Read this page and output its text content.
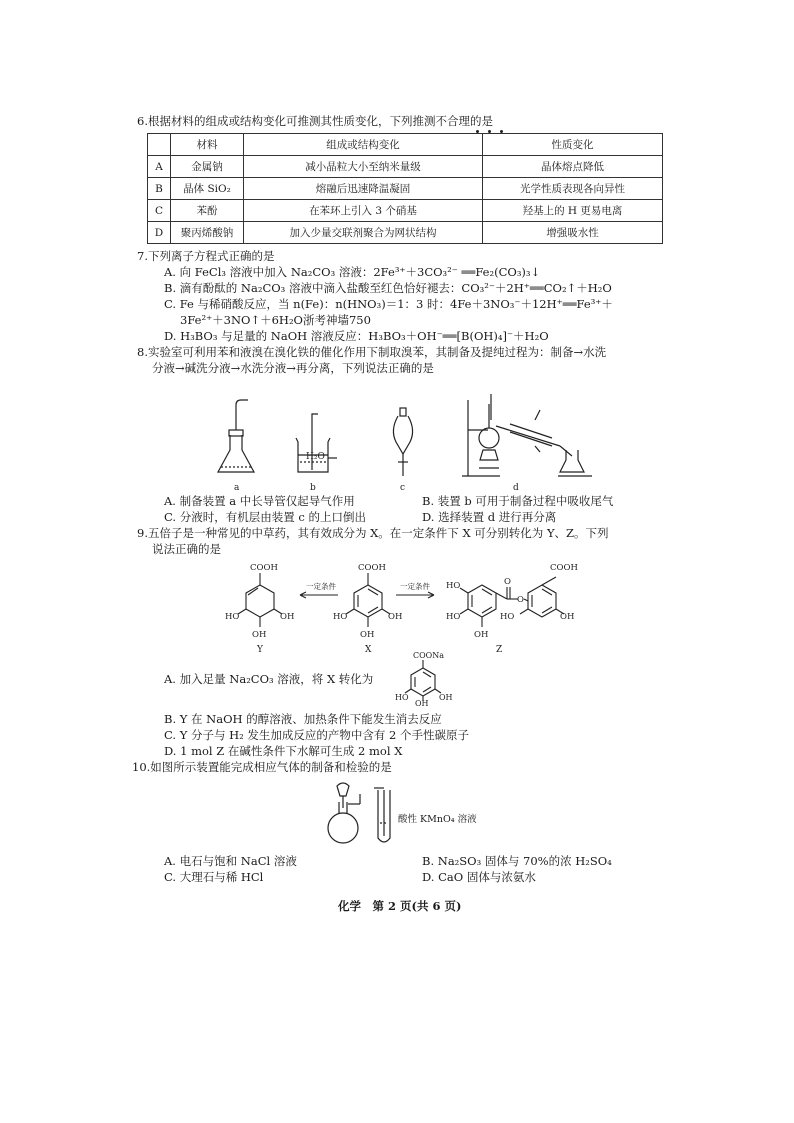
6.根据材料的组成或结构变化可推测其性质变化，下列推测不合理的是
	材料	组成或结构变化	性质变化
A	金属钠	减小晶粒大小至纳米量级	晶体熔点降低
B	晶体 SiO₂	熔融后迅速降温凝固	光学性质表现各向异性
C	苯酚	在苯环上引入 3 个硝基	羟基上的 H 更易电离
D	聚丙烯酸钠	加入少量交联剂聚合为网状结构	增强吸水性
7.下列离子方程式正确的是
A. 向 FeCl₃ 溶液中加入 Na₂CO₃ 溶液：2Fe³⁺＋3CO₃²⁻ ══Fe₂(CO₃)₃↓
B. 滴有酚酞的 Na₂CO₃ 溶液中滴入盐酸至红色恰好褪去：CO₃²⁻＋2H⁺══CO₂↑＋H₂O
C. Fe 与稀硝酸反应，当 n(Fe)：n(HNO₃)＝1：3 时：4Fe＋3NO₃⁻＋12H⁺══Fe³⁺＋
3Fe²⁺＋3NO↑＋6H₂O浙考神墙750
D. H₃BO₃ 与足量的 NaOH 溶液反应：H₃BO₃＋OH⁻══[B(OH)₄]⁻＋H₂O
8.实验室可利用苯和液溴在溴化铁的催化作用下制取溴苯，其制备及提纯过程为：制备→水洗
分液→碱洗分液→水洗分液→再分离，下列说法正确的是
H₂O
a	b	c	d
A. 制备装置 a 中长导管仅起导气作用	B. 装置 b 可用于制备过程中吸收尾气
C. 分液时，有机层由装置 c 的上口倒出	D. 选择装置 d 进行再分离
9.五倍子是一种常见的中草药，其有效成分为 X。在一定条件下 X 可分别转化为 Y、Z。下列
说法正确的是
COOH
HO	OH
OH
一定条件
COOH
HO	OH
OH
一定条件 HO
HO
OH
O
O
COOH
OH
HO
Y	X	Z
A. 加入足量 Na₂CO₃ 溶液，将 X 转化为
COONa
HO
OH
OH
B. Y 在 NaOH 的醇溶液、加热条件下能发生消去反应
C. Y 分子与 H₂ 发生加成反应的产物中含有 2 个手性碳原子
D. 1 mol Z 在碱性条件下水解可生成 2 mol X
10.如图所示装置能完成相应气体的制备和检验的是
酸性 KMnO₄ 溶液
A. 电石与饱和 NaCl 溶液	B. Na₂SO₃ 固体与 70%的浓 H₂SO₄
C. 大理石与稀 HCl	D. CaO 固体与浓氨水
化学　第 2 页(共 6 页)
